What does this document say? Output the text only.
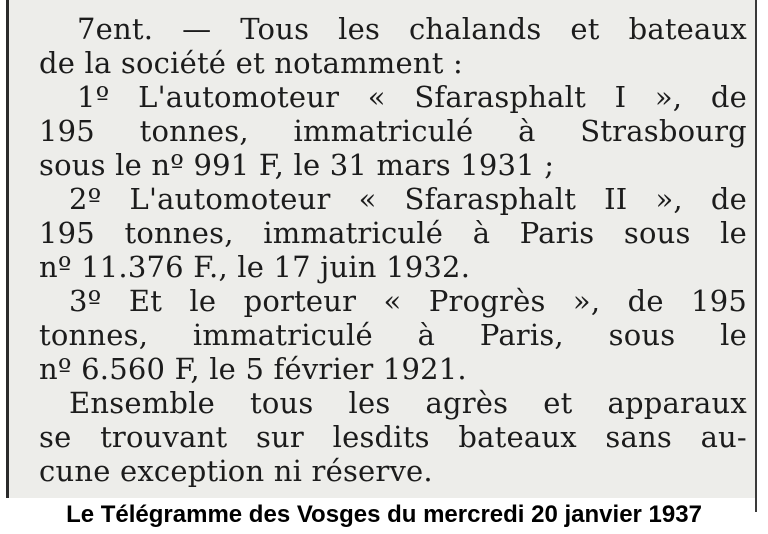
7ent. — Tous les chalands et bateaux
de la société et notamment :
1º L'automoteur « Sfarasphalt I », de
195 tonnes, immatriculé à Strasbourg
sous le nº 991 F, le 31 mars 1931 ;
2º L'automoteur « Sfarasphalt II », de
195 tonnes, immatriculé à Paris sous le
nº 11.376 F., le 17 juin 1932.
3º Et le porteur « Progrès », de 195
tonnes, immatriculé à Paris, sous le
nº 6.560 F, le 5 février 1921.
Ensemble tous les agrès et apparaux
se trouvant sur lesdits bateaux sans au-
cune exception ni réserve.
Le Télégramme des Vosges du mercredi 20 janvier 1937
